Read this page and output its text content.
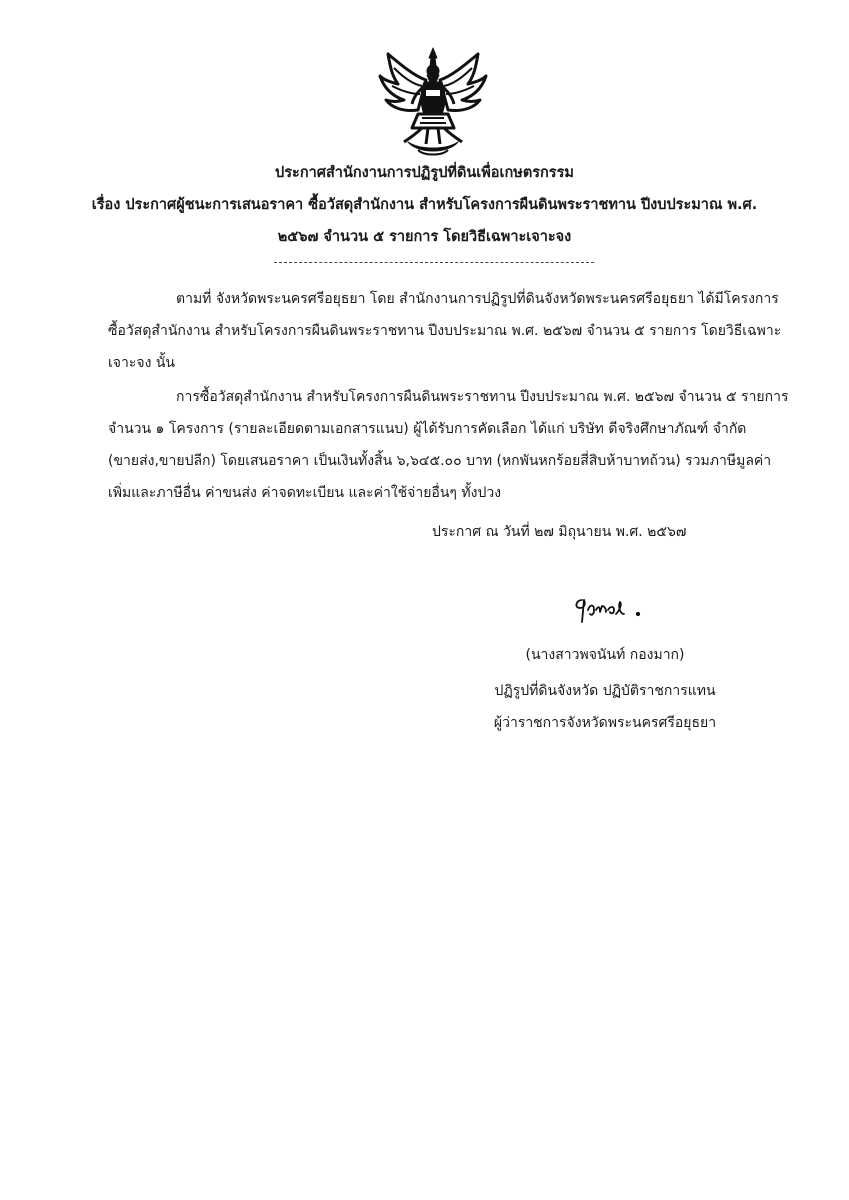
ประกาศสำนักงานการปฏิรูปที่ดินเพื่อเกษตรกรรม
เรื่อง ประกาศผู้ชนะการเสนอราคา ซื้อวัสดุสำนักงาน สำหรับโครงการผืนดินพระราชทาน ปีงบประมาณ พ.ศ.
๒๕๖๗ จำนวน ๕ รายการ โดยวิธีเฉพาะเจาะจง
ตามที่ จังหวัดพระนครศรีอยุธยา โดย สำนักงานการปฏิรูปที่ดินจังหวัดพระนครศรีอยุธยา ได้มีโครงการ
ซื้อวัสดุสำนักงาน สำหรับโครงการผืนดินพระราชทาน ปีงบประมาณ พ.ศ. ๒๕๖๗ จำนวน ๕ รายการ โดยวิธีเฉพาะ
เจาะจง นั้น
การซื้อวัสดุสำนักงาน สำหรับโครงการผืนดินพระราชทาน ปีงบประมาณ พ.ศ. ๒๕๖๗ จำนวน ๕ รายการ
จำนวน ๑ โครงการ (รายละเอียดตามเอกสารแนบ) ผู้ได้รับการคัดเลือก ได้แก่ บริษัท ดีจริงศึกษาภัณฑ์ จำกัด
(ขายส่ง,ขายปลีก) โดยเสนอราคา เป็นเงินทั้งสิ้น ๖,๖๔๕.๐๐ บาท (หกพันหกร้อยสี่สิบห้าบาทถ้วน) รวมภาษีมูลค่า
เพิ่มและภาษีอื่น ค่าขนส่ง ค่าจดทะเบียน และค่าใช้จ่ายอื่นๆ ทั้งปวง
ประกาศ ณ วันที่ ๒๗ มิถุนายน พ.ศ. ๒๕๖๗
(นางสาวพจนันท์ กองมาก)
ปฏิรูปที่ดินจังหวัด ปฏิบัติราชการแทน
ผู้ว่าราชการจังหวัดพระนครศรีอยุธยา
